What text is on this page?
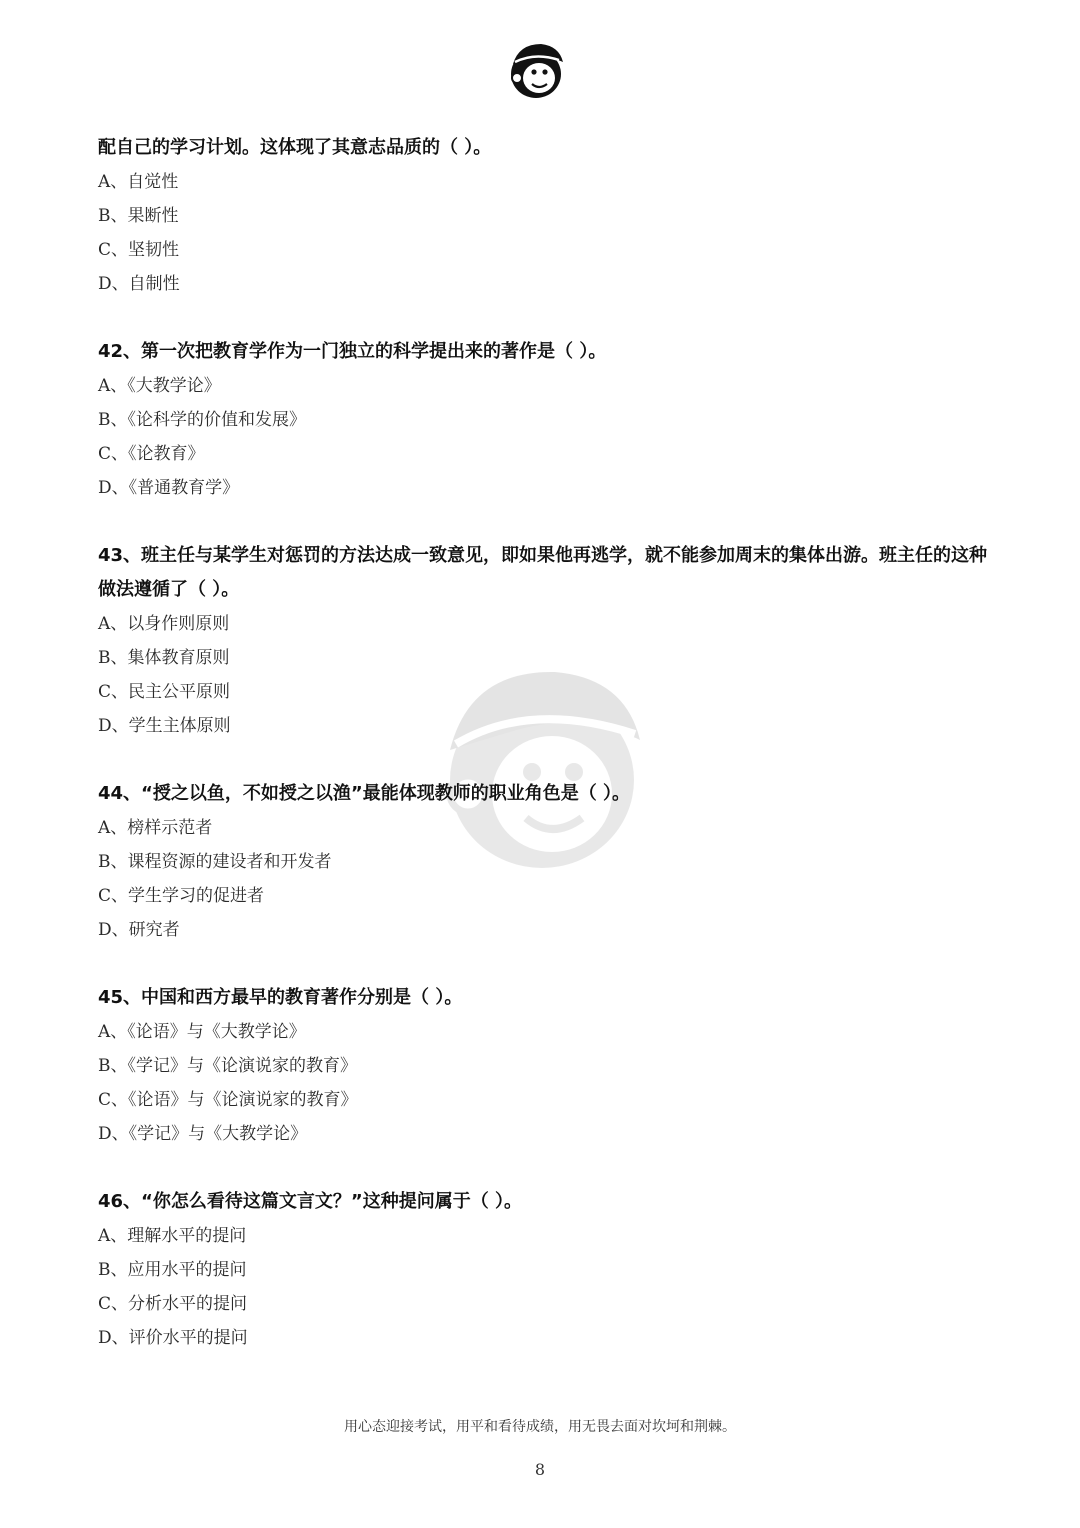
配自己的学习计划。这体现了其意志品质的（ ）。
A、自觉性
B、果断性
C、坚韧性
D、自制性
42、第一次把教育学作为一门独立的科学提出来的著作是（ ）。
A、《大教学论》
B、《论科学的价值和发展》
C、《论教育》
D、《普通教育学》
43、班主任与某学生对惩罚的方法达成一致意见，即如果他再逃学，就不能参加周末的集体出游。班主任的这种做法遵循了（ ）。
A、以身作则原则
B、集体教育原则
C、民主公平原则
D、学生主体原则
44、“授之以鱼，不如授之以渔”最能体现教师的职业角色是（ ）。
A、榜样示范者
B、课程资源的建设者和开发者
C、学生学习的促进者
D、研究者
45、中国和西方最早的教育著作分别是（ ）。
A、《论语》与《大教学论》
B、《学记》与《论演说家的教育》
C、《论语》与《论演说家的教育》
D、《学记》与《大教学论》
46、“你怎么看待这篇文言文？”这种提问属于（ ）。
A、理解水平的提问
B、应用水平的提问
C、分析水平的提问
D、评价水平的提问
用心态迎接考试，用平和看待成绩，用无畏去面对坎坷和荆棘。
8
